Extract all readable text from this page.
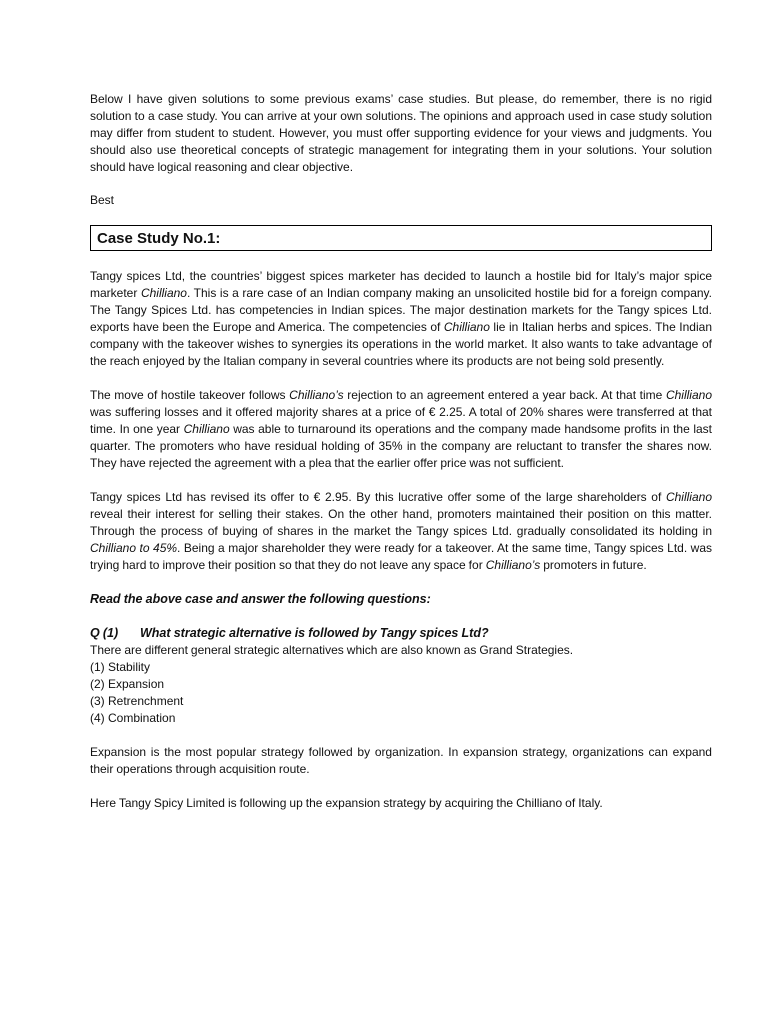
Below I have given solutions to some previous exams’ case studies. But please, do remember, there is no rigid solution to a case study. You can arrive at your own solutions. The opinions and approach used in case study solution may differ from student to student. However, you must offer supporting evidence for your views and judgments. You should also use theoretical concepts of strategic management for integrating them in your solutions. Your solution should have logical reasoning and clear objective.

Best

Case Study No.1:

Tangy spices Ltd, the countries’ biggest spices marketer has decided to launch a hostile bid for Italy’s major spice marketer Chilliano. This is a rare case of an Indian company making an unsolicited hostile bid for a foreign company. The Tangy Spices Ltd. has competencies in Indian spices. The major destination markets for the Tangy spices Ltd. exports have been the Europe and America. The competencies of Chilliano lie in Italian herbs and spices. The Indian company with the takeover wishes to synergies its operations in the world market. It also wants to take advantage of the reach enjoyed by the Italian company in several countries where its products are not being sold presently.

The move of hostile takeover follows Chilliano’s rejection to an agreement entered a year back. At that time Chilliano was suffering losses and it offered majority shares at a price of € 2.25. A total of 20% shares were transferred at that time. In one year Chilliano was able to turnaround its operations and the company made handsome profits in the last quarter. The promoters who have residual holding of 35% in the company are reluctant to transfer the shares now. They have rejected the agreement with a plea that the earlier offer price was not sufficient.

Tangy spices Ltd has revised its offer to € 2.95. By this lucrative offer some of the large shareholders of Chilliano reveal their interest for selling their stakes. On the other hand, promoters maintained their position on this matter. Through the process of buying of shares in the market the Tangy spices Ltd. gradually consolidated its holding in Chilliano to 45%. Being a major shareholder they were ready for a takeover. At the same time, Tangy spices Ltd. was trying hard to improve their position so that they do not leave any space for Chilliano’s promoters in future.

Read the above case and answer the following questions:

Q (1) What strategic alternative is followed by Tangy spices Ltd?

There are different general strategic alternatives which are also known as Grand Strategies.

(1) Stability
(2) Expansion
(3) Retrenchment
(4) Combination

Expansion is the most popular strategy followed by organization. In expansion strategy, organizations can expand their operations through acquisition route.

Here Tangy Spicy Limited is following up the expansion strategy by acquiring the Chilliano of Italy.
